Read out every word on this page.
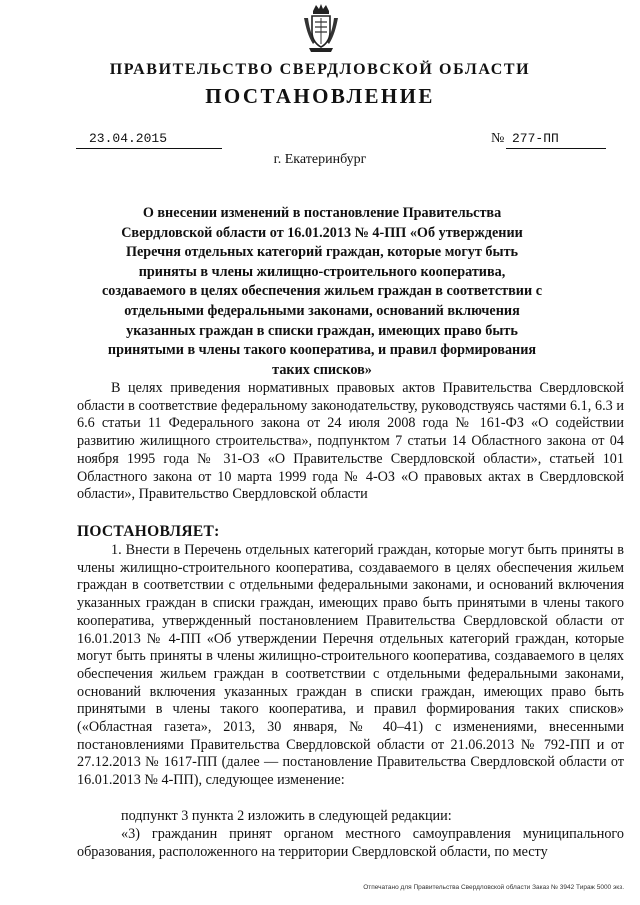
ПРАВИТЕЛЬСТВО СВЕРДЛОВСКОЙ ОБЛАСТИ
ПОСТАНОВЛЕНИЕ
23.04.2015	№ 277-ПП
г. Екатеринбург
О внесении изменений в постановление Правительства Свердловской области от 16.01.2013 № 4-ПП «Об утверждении Перечня отдельных категорий граждан, которые могут быть приняты в члены жилищно-строительного кооператива, создаваемого в целях обеспечения жильем граждан в соответствии с отдельными федеральными законами, оснований включения указанных граждан в списки граждан, имеющих право быть принятыми в члены такого кооператива, и правил формирования таких списков»
В целях приведения нормативных правовых актов Правительства Свердловской области в соответствие федеральному законодательству, руководствуясь частями 6.1, 6.3 и 6.6 статьи 11 Федерального закона от 24 июля 2008 года № 161-ФЗ «О содействии развитию жилищного строительства», подпунктом 7 статьи 14 Областного закона от 04 ноября 1995 года № 31-ОЗ «О Правительстве Свердловской области», статьей 101 Областного закона от 10 марта 1999 года № 4-ОЗ «О правовых актах в Свердловской области», Правительство Свердловской области
ПОСТАНОВЛЯЕТ:
1. Внести в Перечень отдельных категорий граждан, которые могут быть приняты в члены жилищно-строительного кооператива, создаваемого в целях обеспечения жильем граждан в соответствии с отдельными федеральными законами, и оснований включения указанных граждан в списки граждан, имеющих право быть принятыми в члены такого кооператива, утвержденный постановлением Правительства Свердловской области от 16.01.2013 № 4-ПП «Об утверждении Перечня отдельных категорий граждан, которые могут быть приняты в члены жилищно-строительного кооператива, создаваемого в целях обеспечения жильем граждан в соответствии с отдельными федеральными законами, оснований включения указанных граждан в списки граждан, имеющих право быть принятыми в члены такого кооператива, и правил формирования таких списков» («Областная газета», 2013, 30 января, № 40–41) с изменениями, внесенными постановлениями Правительства Свердловской области от 21.06.2013 № 792-ПП и от 27.12.2013 № 1617-ПП (далее — постановление Правительства Свердловской области от 16.01.2013 № 4-ПП), следующее изменение:
подпункт 3 пункта 2 изложить в следующей редакции:
«3) гражданин принят органом местного самоуправления муниципального образования, расположенного на территории Свердловской области, по месту
Отпечатано для Правительства Свердловской области Заказ № 3942 Тираж 5000 экз.
